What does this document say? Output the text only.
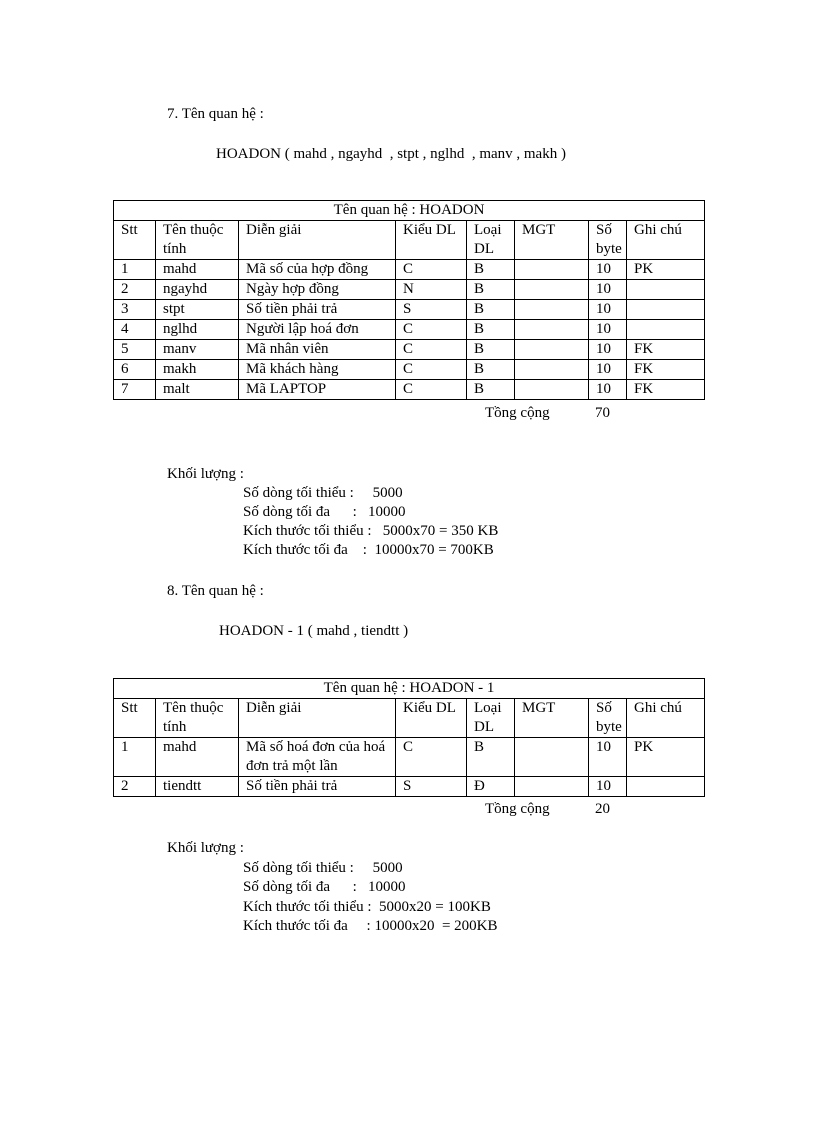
7. Tên quan hệ :
HOADON ( mahd , ngayhd  , stpt , nglhd  , manv , makh )
Tên quan hệ : HOADON							
Stt	Tên thuộc tính	Diễn giải	Kiểu DL	Loại DL	MGT	Số byte	Ghi chú
1	mahd	Mã số của hợp đồng	C	B		10	PK
2	ngayhd	Ngày hợp đồng	N	B		10	
3	stpt	Số tiền phải trả	S	B		10	
4	nglhd	Người lập hoá đơn	C	B		10	
5	manv	Mã nhân viên	C	B		10	FK
6	makh	Mã khách hàng	C	B		10	FK
7	malt	Mã LAPTOP	C	B		10	FK
Tồng cộng	70
Khối lượng :
Số dòng tối thiểu :     5000
Số dòng tối đa      :   10000
Kích thước tối thiểu :   5000x70 = 350 KB
Kích thước tối đa    :  10000x70 = 700KB
8. Tên quan hệ :
HOADON - 1 ( mahd , tiendtt )
Tên quan hệ : HOADON - 1							
Stt	Tên thuộc tính	Diễn giải	Kiểu DL	Loại DL	MGT	Số byte	Ghi chú
1	mahd	Mã số hoá đơn của hoá đơn trả một lần	C	B		10	PK
2	tiendtt	Số tiền phải trả	S	Đ		10	
Tồng cộng	20
Khối lượng :
Số dòng tối thiểu :     5000
Số dòng tối đa      :   10000
Kích thước tối thiểu :  5000x20 = 100KB
Kích thước tối đa     : 10000x20  = 200KB
